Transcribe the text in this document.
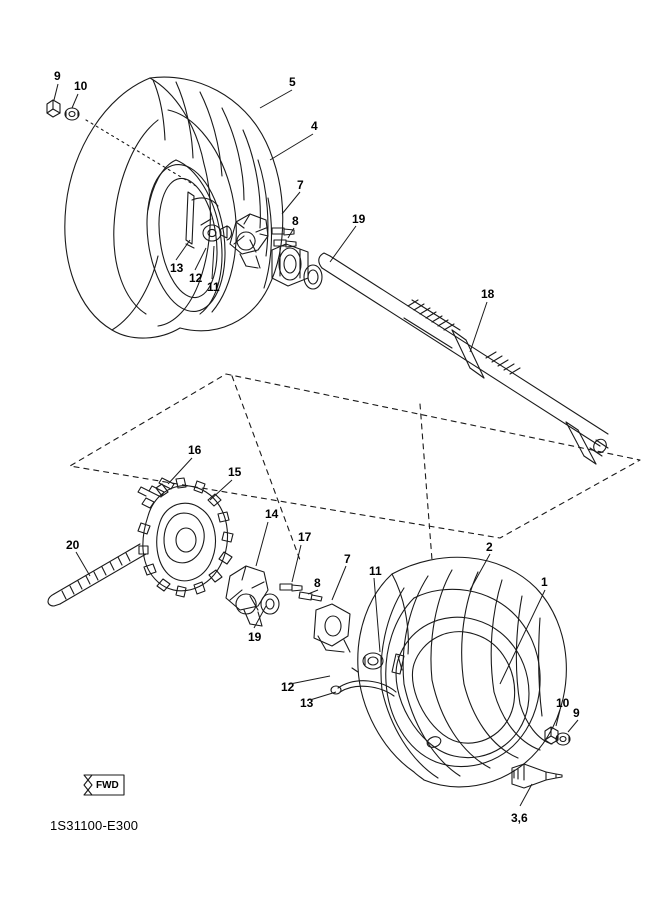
9
10	5
4
7
8	19
18
13
12
11
16
15
14
17
20
7
8
11
19
12
13
2
1
10
9
3,6
FWD
1S31100-E300
